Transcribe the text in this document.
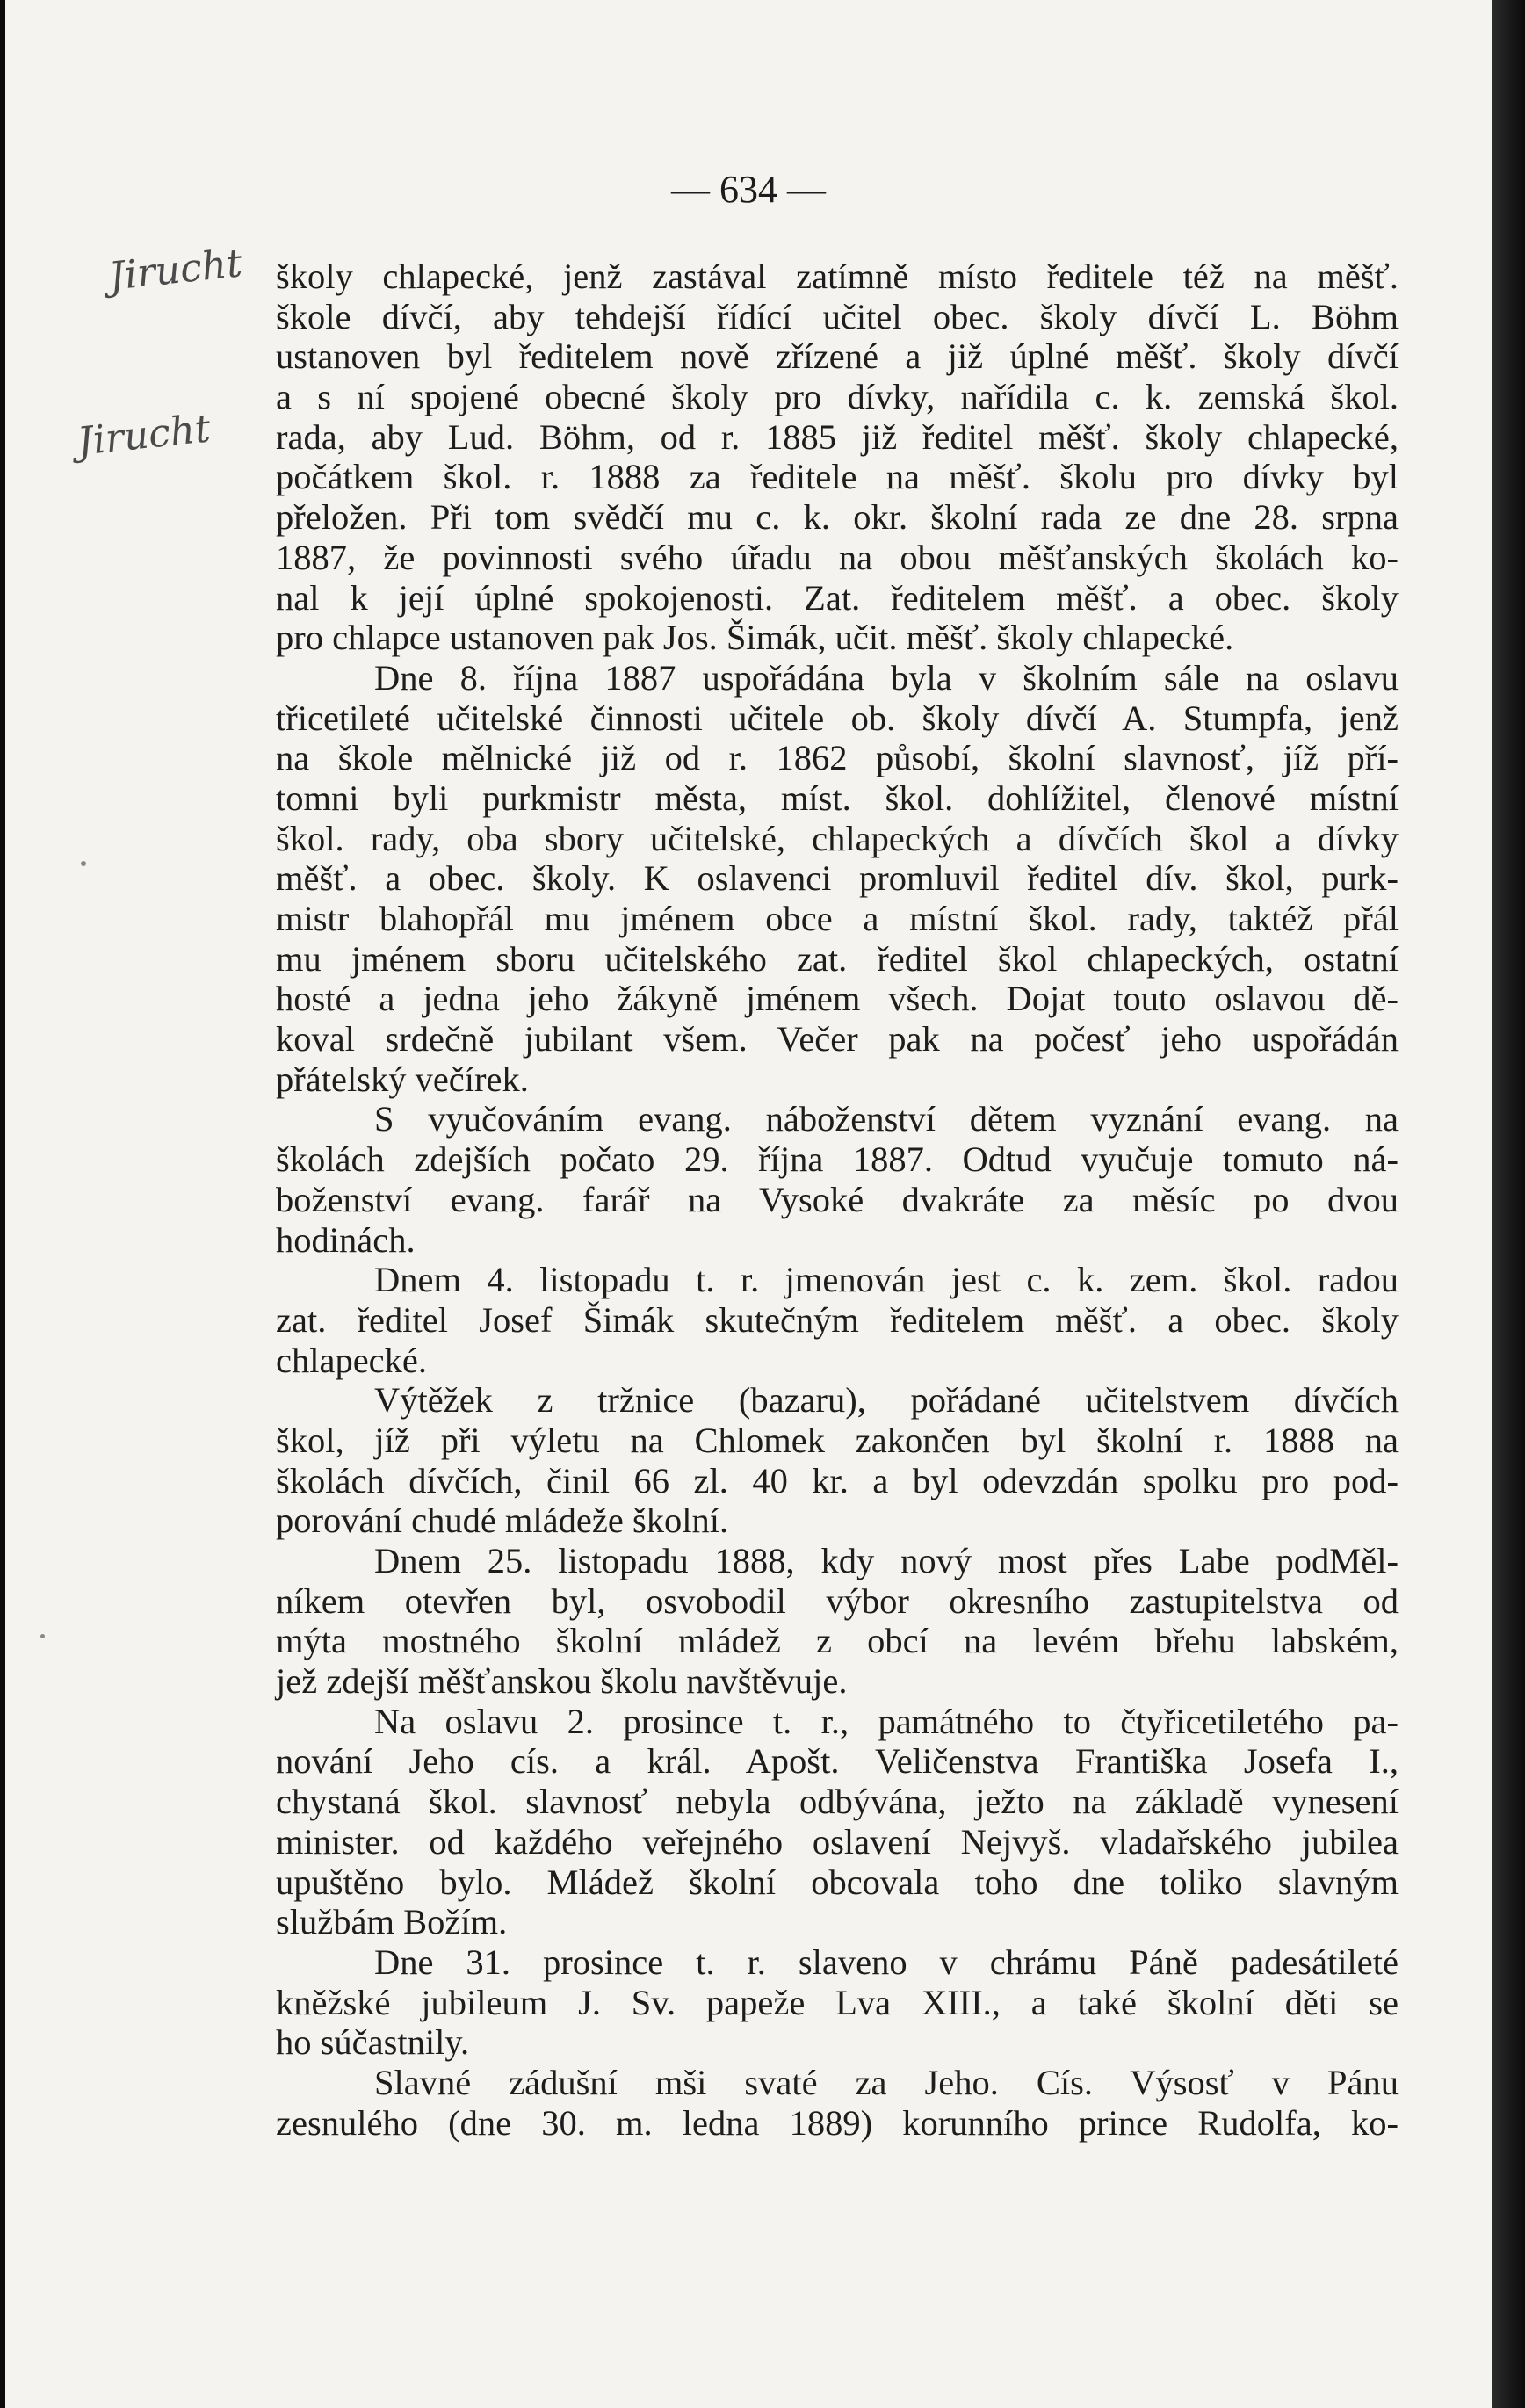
— 634 —
Jirucht
Jirucht
školy chlapecké, jenž zastával zatímně místo ředitele též na měšť.
škole dívčí, aby tehdejší řídící učitel obec. školy dívčí L. Böhm
ustanoven byl ředitelem nově zřízené a již úplné měšť. školy dívčí
a s ní spojené obecné školy pro dívky, nařídila c. k. zemská škol.
rada, aby Lud. Böhm, od r. 1885 již ředitel měšť. školy chlapecké,
počátkem škol. r. 1888 za ředitele na měšť. školu pro dívky byl
přeložen. Při tom svědčí mu c. k. okr. školní rada ze dne 28. srpna
1887, že povinnosti svého úřadu na obou měšťanských školách ko-
nal k její úplné spokojenosti. Zat. ředitelem měšť. a obec. školy
pro chlapce ustanoven pak Jos. Šimák, učit. měšť. školy chlapecké.
Dne 8. října 1887 uspořádána byla v školním sále na oslavu
třicetileté učitelské činnosti učitele ob. školy dívčí A. Stumpfa, jenž
na škole mělnické již od r. 1862 působí, školní slavnosť, jíž pří-
tomni byli purkmistr města, míst. škol. dohlížitel, členové místní
škol. rady, oba sbory učitelské, chlapeckých a dívčích škol a dívky
měšť. a obec. školy. K oslavenci promluvil ředitel dív. škol, purk-
mistr blahopřál mu jménem obce a místní škol. rady, taktéž přál
mu jménem sboru učitelského zat. ředitel škol chlapeckých, ostatní
hosté a jedna jeho žákyně jménem všech. Dojat touto oslavou dě-
koval srdečně jubilant všem. Večer pak na počesť jeho uspořádán
přátelský večírek.
S vyučováním evang. náboženství dětem vyznání evang. na
školách zdejších počato 29. října 1887. Odtud vyučuje tomuto ná-
boženství evang. farář na Vysoké dvakráte za měsíc po dvou
hodinách.
Dnem 4. listopadu t. r. jmenován jest c. k. zem. škol. radou
zat. ředitel Josef Šimák skutečným ředitelem měšť. a obec. školy
chlapecké.
Výtěžek z tržnice (bazaru), pořádané učitelstvem dívčích
škol, jíž při výletu na Chlomek zakončen byl školní r. 1888 na
školách dívčích, činil 66 zl. 40 kr. a byl odevzdán spolku pro pod-
porování chudé mládeže školní.
Dnem 25. listopadu 1888, kdy nový most přes Labe podMěl-
níkem otevřen byl, osvobodil výbor okresního zastupitelstva od
mýta mostného školní mládež z obcí na levém břehu labském,
jež zdejší měšťanskou školu navštěvuje.
Na oslavu 2. prosince t. r., památného to čtyřicetiletého pa-
nování Jeho cís. a král. Apošt. Veličenstva Františka Josefa I.,
chystaná škol. slavnosť nebyla odbývána, ježto na základě vynesení
minister. od každého veřejného oslavení Nejvyš. vladařského jubilea
upuštěno bylo. Mládež školní obcovala toho dne toliko slavným
službám Božím.
Dne 31. prosince t. r. slaveno v chrámu Páně padesátileté
kněžské jubileum J. Sv. papeže Lva XIII., a také školní děti se
ho súčastnily.
Slavné zádušní mši svaté za Jeho. Cís. Výsosť v Pánu
zesnulého (dne 30. m. ledna 1889) korunního prince Rudolfa, ko-
